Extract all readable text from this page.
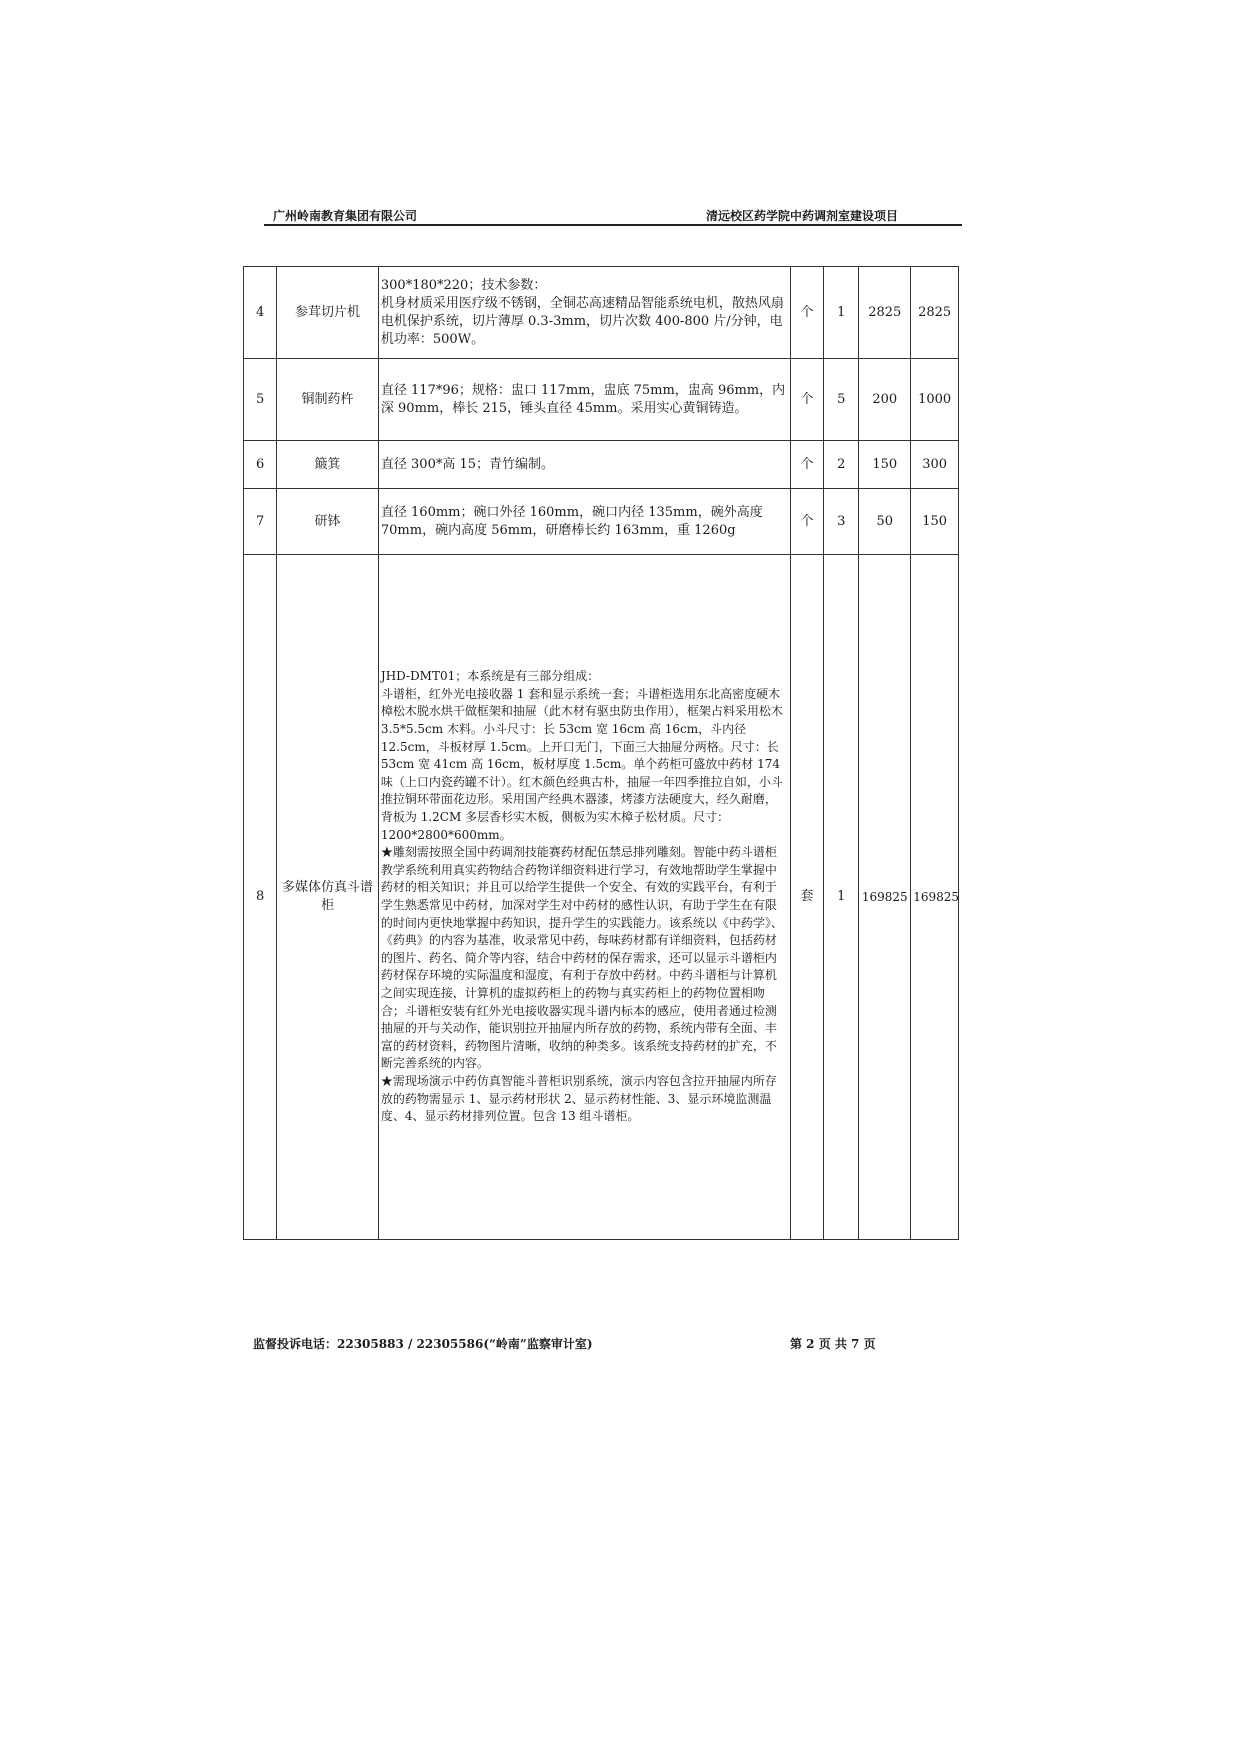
广州岭南教育集团有限公司	清远校区药学院中药调剂室建设项目
4	参茸切片机	300*180*220；技术参数：
机身材质采用医疗级不锈钢，全铜芯高速精品智能系统电机，散热风扇电机保护系统，切片薄厚 0.3-3mm，切片次数 400-800 片/分钟，电机功率：500W。	个	1	2825	2825
5	铜制药杵	直径 117*96；规格：盅口 117mm，盅底 75mm，盅高 96mm，内深 90mm，棒长 215，锤头直径 45mm。采用实心黄铜铸造。	个	5	200	1000
6	簸箕	直径 300*高 15；青竹编制。	个	2	150	300
7	研钵	直径 160mm；碗口外径 160mm，碗口内径 135mm，碗外高度 70mm，碗内高度 56mm，研磨棒长约 163mm，重 1260g	个	3	50	150
8	多媒体仿真斗谱柜	JHD-DMT01；本系统是有三部分组成：
斗谱柜，红外光电接收器 1 套和显示系统一套；斗谱柜选用东北高密度硬木樟松木脱水烘干做框架和抽屉（此木材有驱虫防虫作用），框架占料采用松木 3.5*5.5cm 木料。小斗尺寸：长 53cm 宽 16cm 高 16cm，斗内径 12.5cm，斗板材厚 1.5cm。上开口无门，下面三大抽屉分两格。尺寸：长 53cm 宽 41cm 高 16cm，板材厚度 1.5cm。单个药柜可盛放中药材 174 味（上口内瓷药罐不计）。红木颜色经典古朴，抽屉一年四季推拉自如，小斗推拉铜环带面花边形。采用国产经典木器漆，烤漆方法硬度大，经久耐磨，背板为 1.2CM 多层香杉实木板，侧板为实木樟子松材质。尺寸：1200*2800*600mm。
★雕刻需按照全国中药调剂技能赛药材配伍禁忌排列雕刻。智能中药斗谱柜教学系统利用真实药物结合药物详细资料进行学习，有效地帮助学生掌握中药材的相关知识；并且可以给学生提供一个安全、有效的实践平台，有利于学生熟悉常见中药材，加深对学生对中药材的感性认识，有助于学生在有限的时间内更快地掌握中药知识，提升学生的实践能力。该系统以《中药学》、《药典》的内容为基准，收录常见中药，每味药材都有详细资料，包括药材的图片、药名、简介等内容，结合中药材的保存需求，还可以显示斗谱柜内药材保存环境的实际温度和湿度，有利于存放中药材。中药斗谱柜与计算机之间实现连接，计算机的虚拟药柜上的药物与真实药柜上的药物位置相吻合；斗谱柜安装有红外光电接收器实现斗谱内标本的感应，使用者通过检测抽屉的开与关动作，能识别拉开抽屉内所存放的药物，系统内带有全面、丰富的药材资料，药物图片清晰，收纳的种类多。该系统支持药材的扩充，不断完善系统的内容。
★需现场演示中药仿真智能斗普柜识别系统，演示内容包含拉开抽屉内所存放的药物需显示 1、显示药材形状 2、显示药材性能、3、显示环境监测温度、4、显示药材排列位置。包含 13 组斗谱柜。	套	1	169825	169825
监督投诉电话：22305883 / 22305586(“岭南”监察审计室)	第 2 页 共 7 页
